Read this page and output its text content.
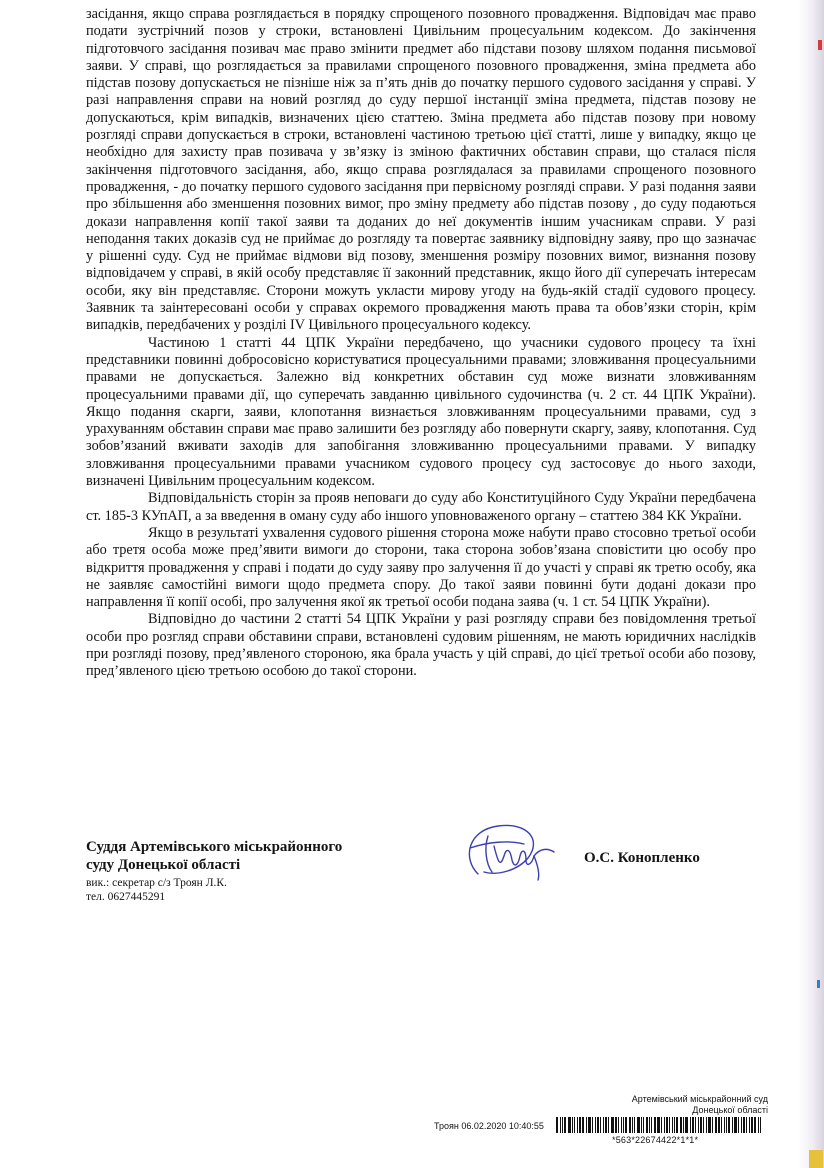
засідання, якщо справа розглядається в порядку спрощеного позовного провадження. Відповідач має право подати зустрічний позов у строки, встановлені Цивільним процесуальним кодексом. До закінчення підготовчого засідання позивач має право змінити предмет або підстави позову шляхом подання письмової заяви. У справі, що розглядається за правилами спрощеного позовного провадження, зміна предмета або підстав позову допускається не пізніше ніж за п’ять днів до початку першого судового засідання у справі. У разі направлення справи на новий розгляд до суду першої інстанції зміна предмета, підстав позову не допускаються, крім випадків, визначених цією статтею. Зміна предмета або підстав позову при новому розгляді справи допускається в строки, встановлені частиною третьою цієї статті, лише у випадку, якщо це необхідно для захисту прав позивача у зв’язку із зміною фактичних обставин справи, що сталася після закінчення підготовчого засідання, або, якщо справа розглядалася за правилами спрощеного позовного провадження, - до початку першого судового засідання при первісному розгляді справи. У разі подання заяви про збільшення або зменшення позовних вимог, про зміну предмету або підстав позову , до суду подаються докази направлення копії такої заяви та доданих до неї документів іншим учасникам справи. У разі неподання таких доказів суд не приймає до розгляду та повертає заявнику відповідну заяву, про що зазначає у рішенні суду. Суд не приймає відмови від позову, зменшення розміру позовних вимог, визнання позову відповідачем у справі, в якій особу представляє її законний представник, якщо його дії суперечать інтересам особи, яку він представляє. Сторони можуть укласти мирову угоду на будь-якій стадії судового процесу. Заявник та заінтересовані особи у справах окремого провадження мають права та обов’язки сторін, крім випадків, передбачених у розділі IV Цивільного процесуального кодексу.

Частиною 1 статті 44 ЦПК України передбачено, що учасники судового процесу та їхні представники повинні добросовісно користуватися процесуальними правами; зловживання процесуальними правами не допускається. Залежно від конкретних обставин суд може визнати зловживанням процесуальними правами дії, що суперечать завданню цивільного судочинства (ч. 2 ст. 44 ЦПК України). Якщо подання скарги, заяви, клопотання визнається зловживанням процесуальними правами, суд з урахуванням обставин справи має право залишити без розгляду або повернути скаргу, заяву, клопотання. Суд зобов’язаний вживати заходів для запобігання зловживанню процесуальними правами. У випадку зловживання процесуальними правами учасником судового процесу суд застосовує до нього заходи, визначені Цивільним процесуальним кодексом.

Відповідальність сторін за прояв неповаги до суду або Конституційного Суду України передбачена ст. 185-3 КУпАП, а за введення в оману суду або іншого уповноваженого органу – статтею 384 КК України.

Якщо в результаті ухвалення судового рішення сторона може набути право стосовно третьої особи або третя особа може пред’явити вимоги до сторони, така сторона зобов’язана сповістити цю особу про відкриття провадження у справі і подати до суду заяву про залучення її до участі у справі як третю особу, яка не заявляє самостійні вимоги щодо предмета спору. До такої заяви повинні бути додані докази про направлення її копії особі, про залучення якої як третьої особи подана заява (ч. 1 ст. 54 ЦПК України).

Відповідно до частини 2 статті 54 ЦПК України у разі розгляду справи без повідомлення третьої особи про розгляд справи обставини справи, встановлені судовим рішенням, не мають юридичних наслідків при розгляді позову, пред’явленого стороною, яка брала участь у цій справі, до цієї третьої особи або позову, пред’явленого цією третьою особою до такої сторони.

Суддя Артемівського міськрайонного
суду Донецької області
вик.: секретар с/з Троян Л.К.
тел. 0627445291
О.С. Конопленко
Артемівський міськрайонний суд
Донецької області
Троян 06.02.2020 10:40:55
*563*22674422*1*1*
